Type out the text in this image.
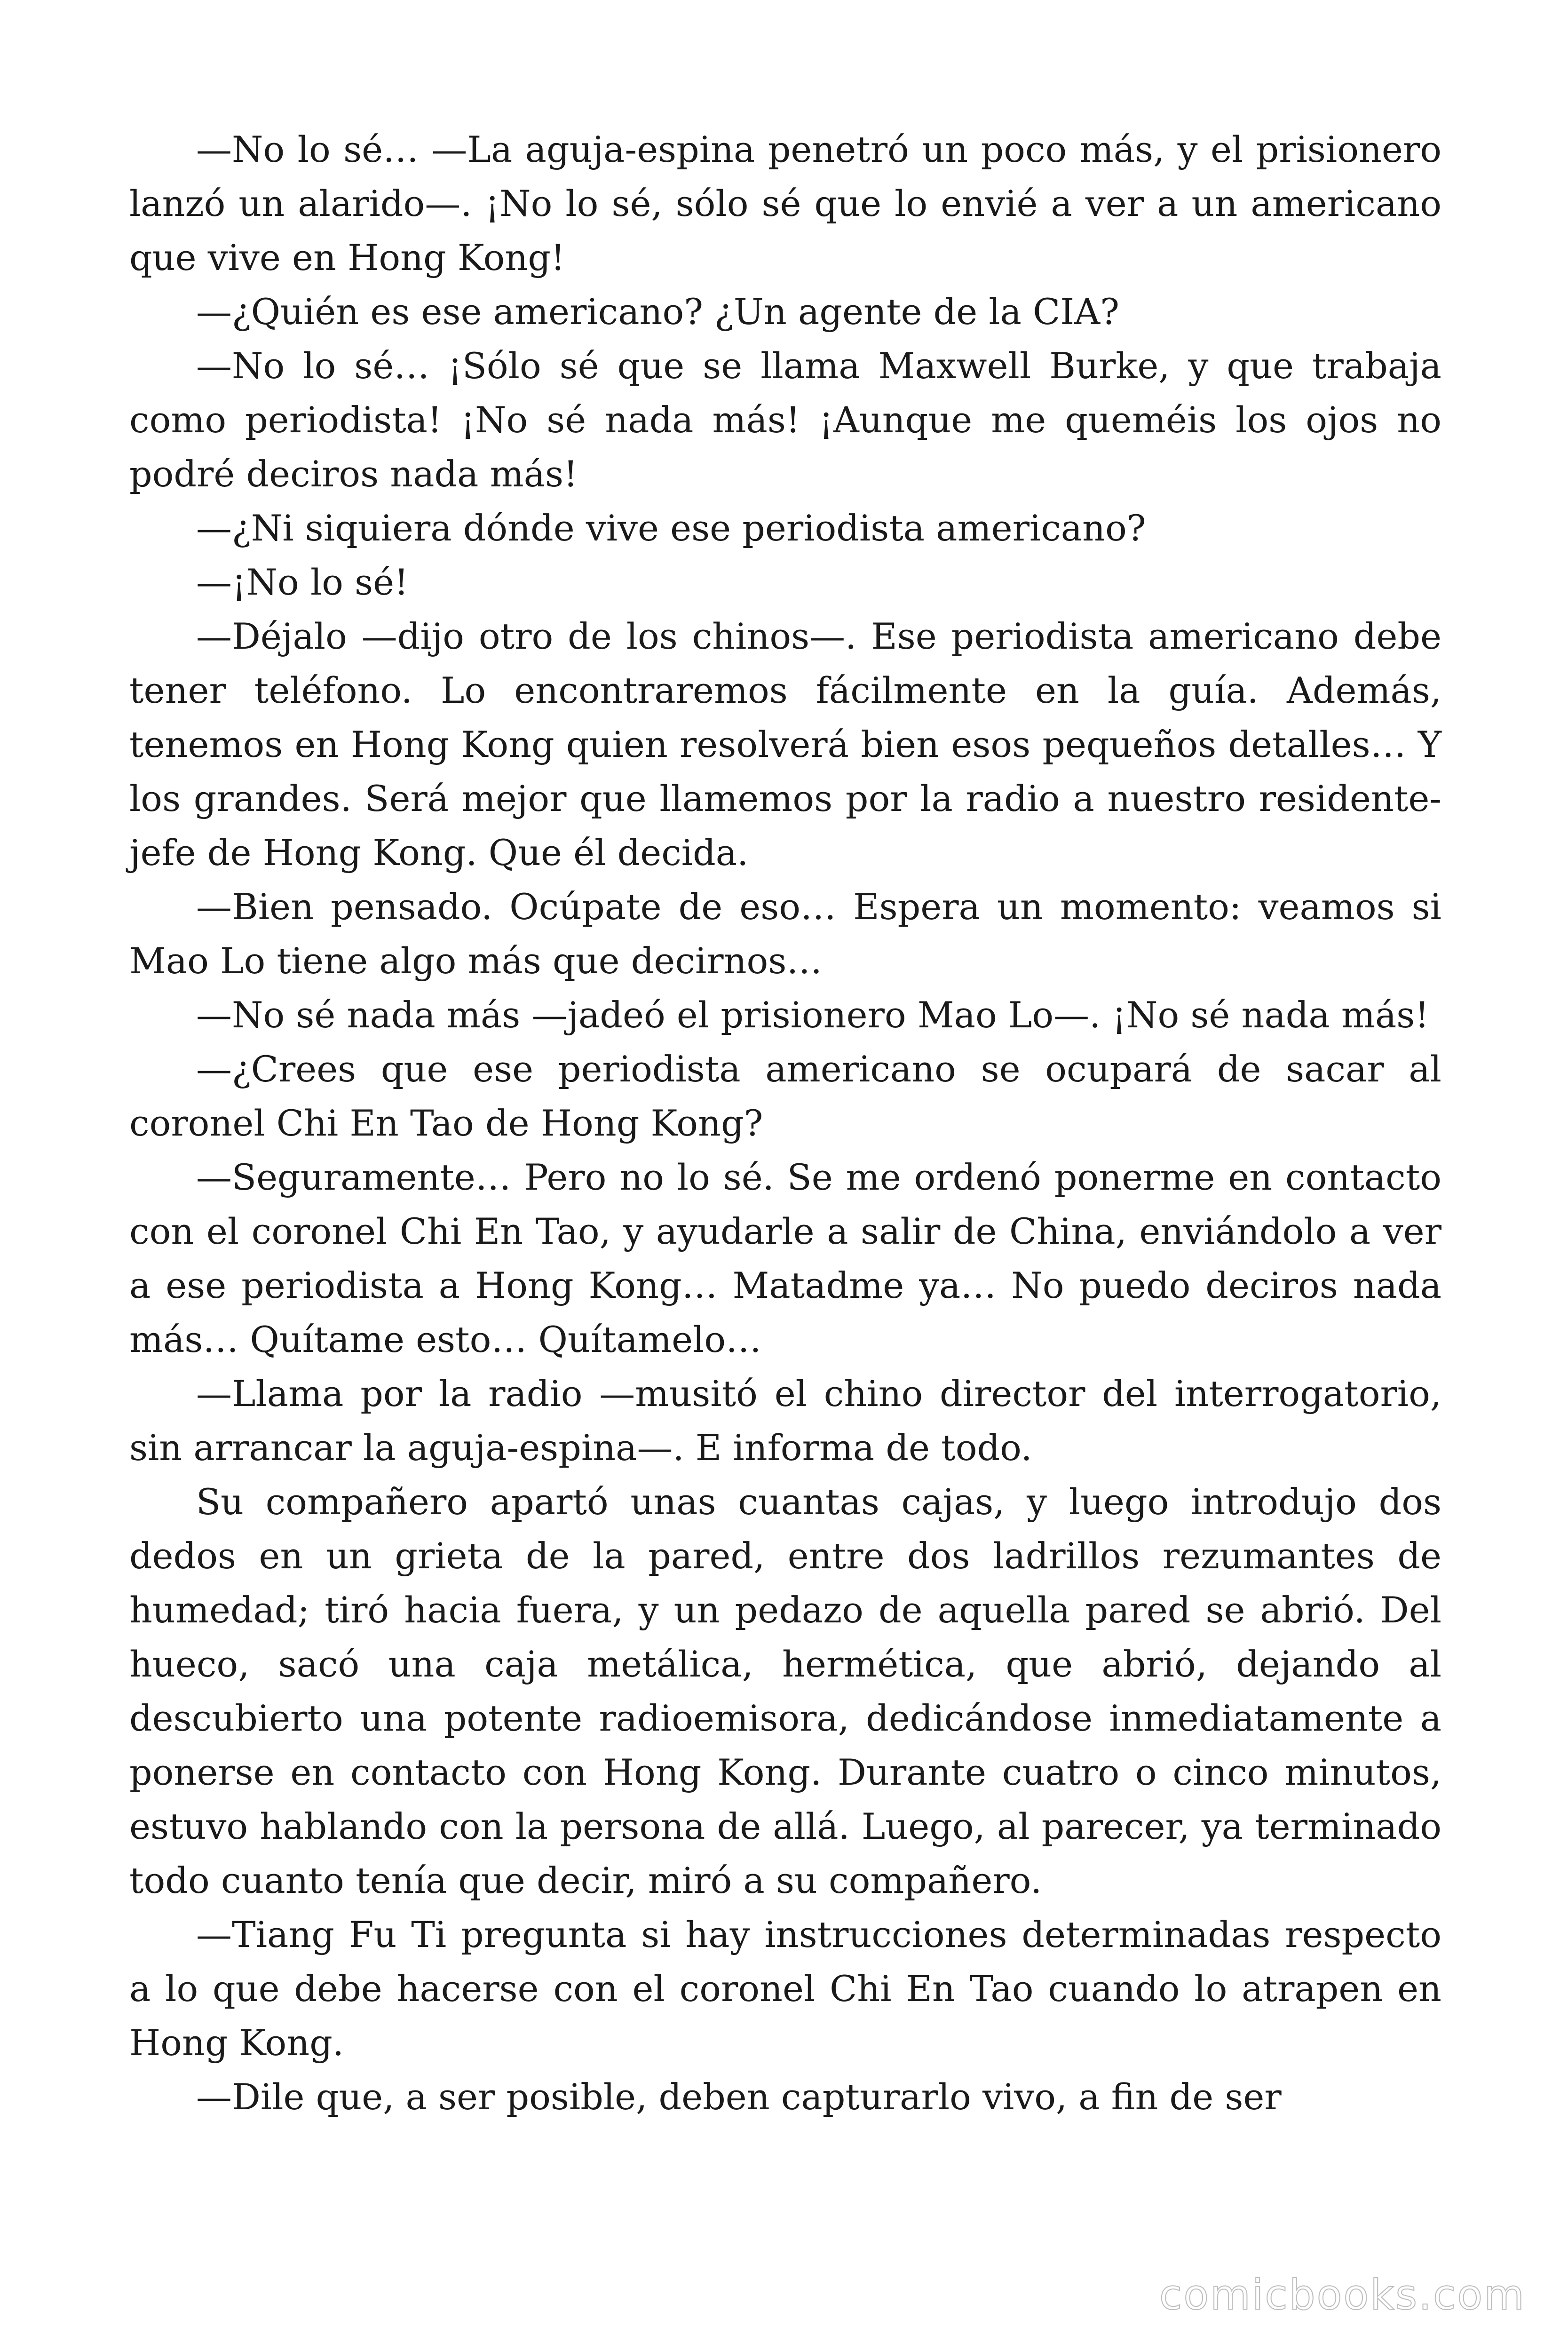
—No lo sé… —La aguja-espina penetró un poco más, y el prisionero lanzó un alarido—. ¡No lo sé, sólo sé que lo envié a ver a un americano que vive en Hong Kong!

—¿Quién es ese americano? ¿Un agente de la CIA?

—No lo sé… ¡Sólo sé que se llama Maxwell Burke, y que trabaja como periodista! ¡No sé nada más! ¡Aunque me queméis los ojos no podré deciros nada más!

—¿Ni siquiera dónde vive ese periodista americano?

—¡No lo sé!

—Déjalo —dijo otro de los chinos—. Ese periodista americano debe tener teléfono. Lo encontraremos fácilmente en la guía. Además, tenemos en Hong Kong quien resolverá bien esos pequeños detalles… Y los grandes. Será mejor que llamemos por la radio a nuestro residente-jefe de Hong Kong. Que él decida.

—Bien pensado. Ocúpate de eso… Espera un momento: veamos si Mao Lo tiene algo más que decirnos…

—No sé nada más —jadeó el prisionero Mao Lo—. ¡No sé nada más!

—¿Crees que ese periodista americano se ocupará de sacar al coronel Chi En Tao de Hong Kong?

—Seguramente… Pero no lo sé. Se me ordenó ponerme en contacto con el coronel Chi En Tao, y ayudarle a salir de China, enviándolo a ver a ese periodista a Hong Kong… Matadme ya… No puedo deciros nada más… Quítame esto… Quítamelo…

—Llama por la radio —musitó el chino director del interrogatorio, sin arrancar la aguja-espina—. E informa de todo.

Su compañero apartó unas cuantas cajas, y luego introdujo dos dedos en un grieta de la pared, entre dos ladrillos rezumantes de humedad; tiró hacia fuera, y un pedazo de aquella pared se abrió. Del hueco, sacó una caja metálica, hermética, que abrió, dejando al descubierto una potente radioemisora, dedicándose inmediatamente a ponerse en contacto con Hong Kong. Durante cuatro o cinco minutos, estuvo hablando con la persona de allá. Luego, al parecer, ya terminado todo cuanto tenía que decir, miró a su compañero.

—Tiang Fu Ti pregunta si hay instrucciones determinadas respecto a lo que debe hacerse con el coronel Chi En Tao cuando lo atrapen en Hong Kong.

—Dile que, a ser posible, deben capturarlo vivo, a fin de ser

comicbooks.com
